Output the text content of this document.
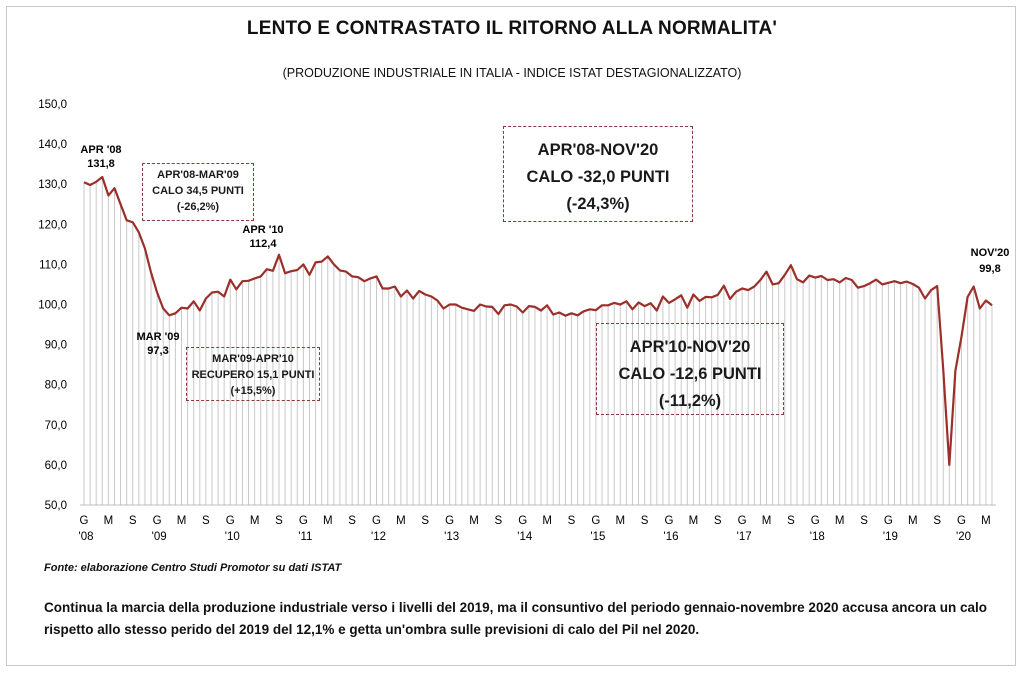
LENTO E CONTRASTATO IL RITORNO ALLA NORMALITA'
(PRODUZIONE INDUSTRIALE IN ITALIA - INDICE ISTAT DESTAGIONALIZZATO)
50,0
60,0
70,0
80,0
90,0
100,0
110,0
120,0
130,0
140,0
150,0
G
'08
M S G
'09
M S G
'10
M S G
'11
M S G
'12
M S G
'13
M S G
'14
M S G
'15
M S G
'16
M S G
'17
M S G
'18
M S G
'19
M S G
'20
M
APR '08
131,8
MAR '09
97,3
APR '10
112,4
NOV'20
99,8
APR'08-MAR'09
CALO 34,5 PUNTI
(-26,2%)
APR'08-NOV'20
CALO -32,0 PUNTI
(-24,3%)
MAR'09-APR'10
RECUPERO 15,1 PUNTI
(+15,5%)
APR'10-NOV'20
CALO -12,6 PUNTI
(-11,2%)
Fonte: elaborazione Centro Studi Promotor su dati ISTAT
Continua la marcia della produzione industriale verso i livelli del 2019, ma il consuntivo del periodo gennaio-novembre 2020 accusa ancora un calo rispetto allo stesso perido del 2019 del 12,1% e getta un'ombra sulle previsioni di calo del Pil nel 2020.
